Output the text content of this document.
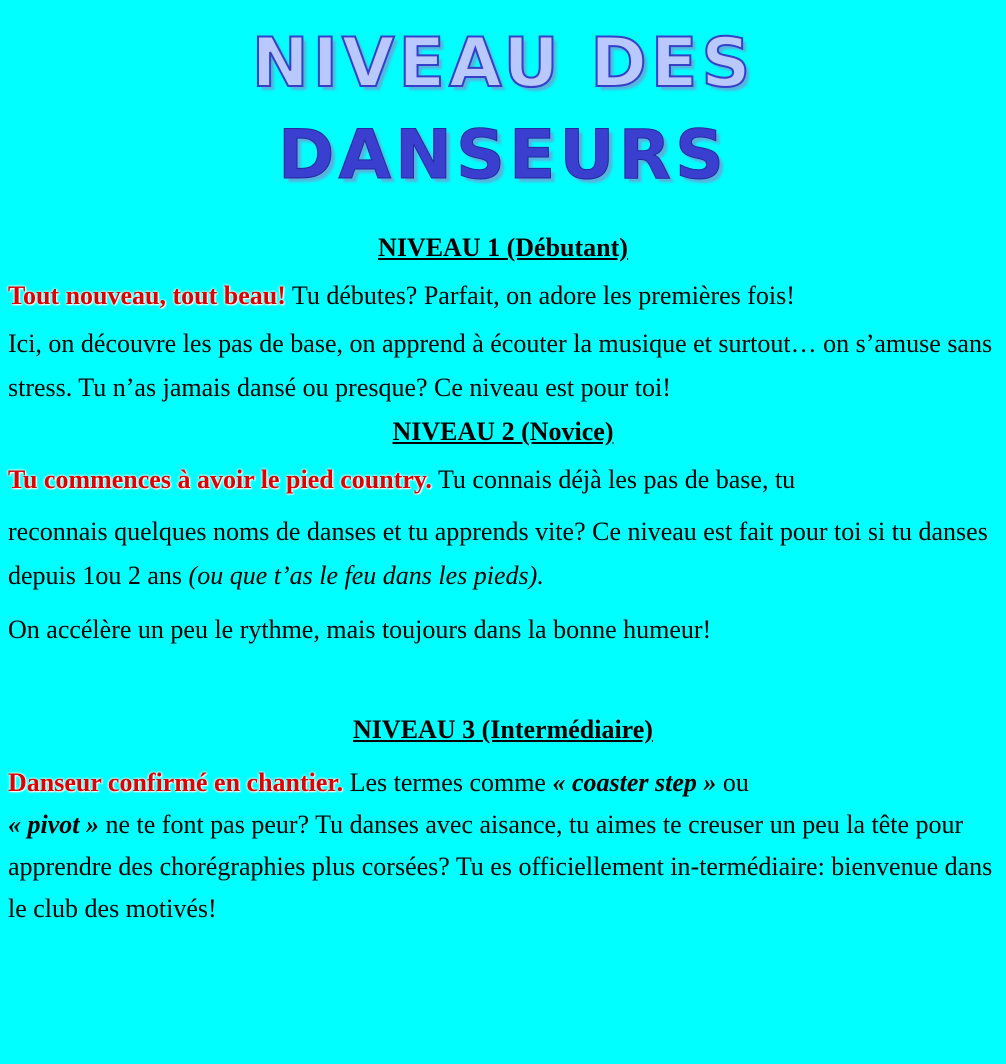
NIVEAU DES
DANSEURS

NIVEAU 1 (Débutant)

Tout nouveau, tout beau! Tu débutes? Parfait, on adore les premières fois!

Ici, on découvre les pas de base, on apprend à écouter la musique et surtout… on s’amuse sans stress. Tu n’as jamais dansé ou presque? Ce niveau est pour toi!

NIVEAU 2 (Novice)

Tu commences à avoir le pied country. Tu connais déjà les pas de base, tu

reconnais quelques noms de danses et tu apprends vite? Ce niveau est fait pour toi si tu danses depuis 1ou 2 ans (ou que t’as le feu dans les pieds).

On accélère un peu le rythme, mais toujours dans la bonne humeur!

NIVEAU 3 (Intermédiaire)

Danseur confirmé en chantier. Les termes comme « coaster step » ou
« pivot » ne te font pas peur? Tu danses avec aisance, tu aimes te creuser un peu la tête pour apprendre des chorégraphies plus corsées? Tu es officiellement in-termédiaire: bienvenue dans le club des motivés!
